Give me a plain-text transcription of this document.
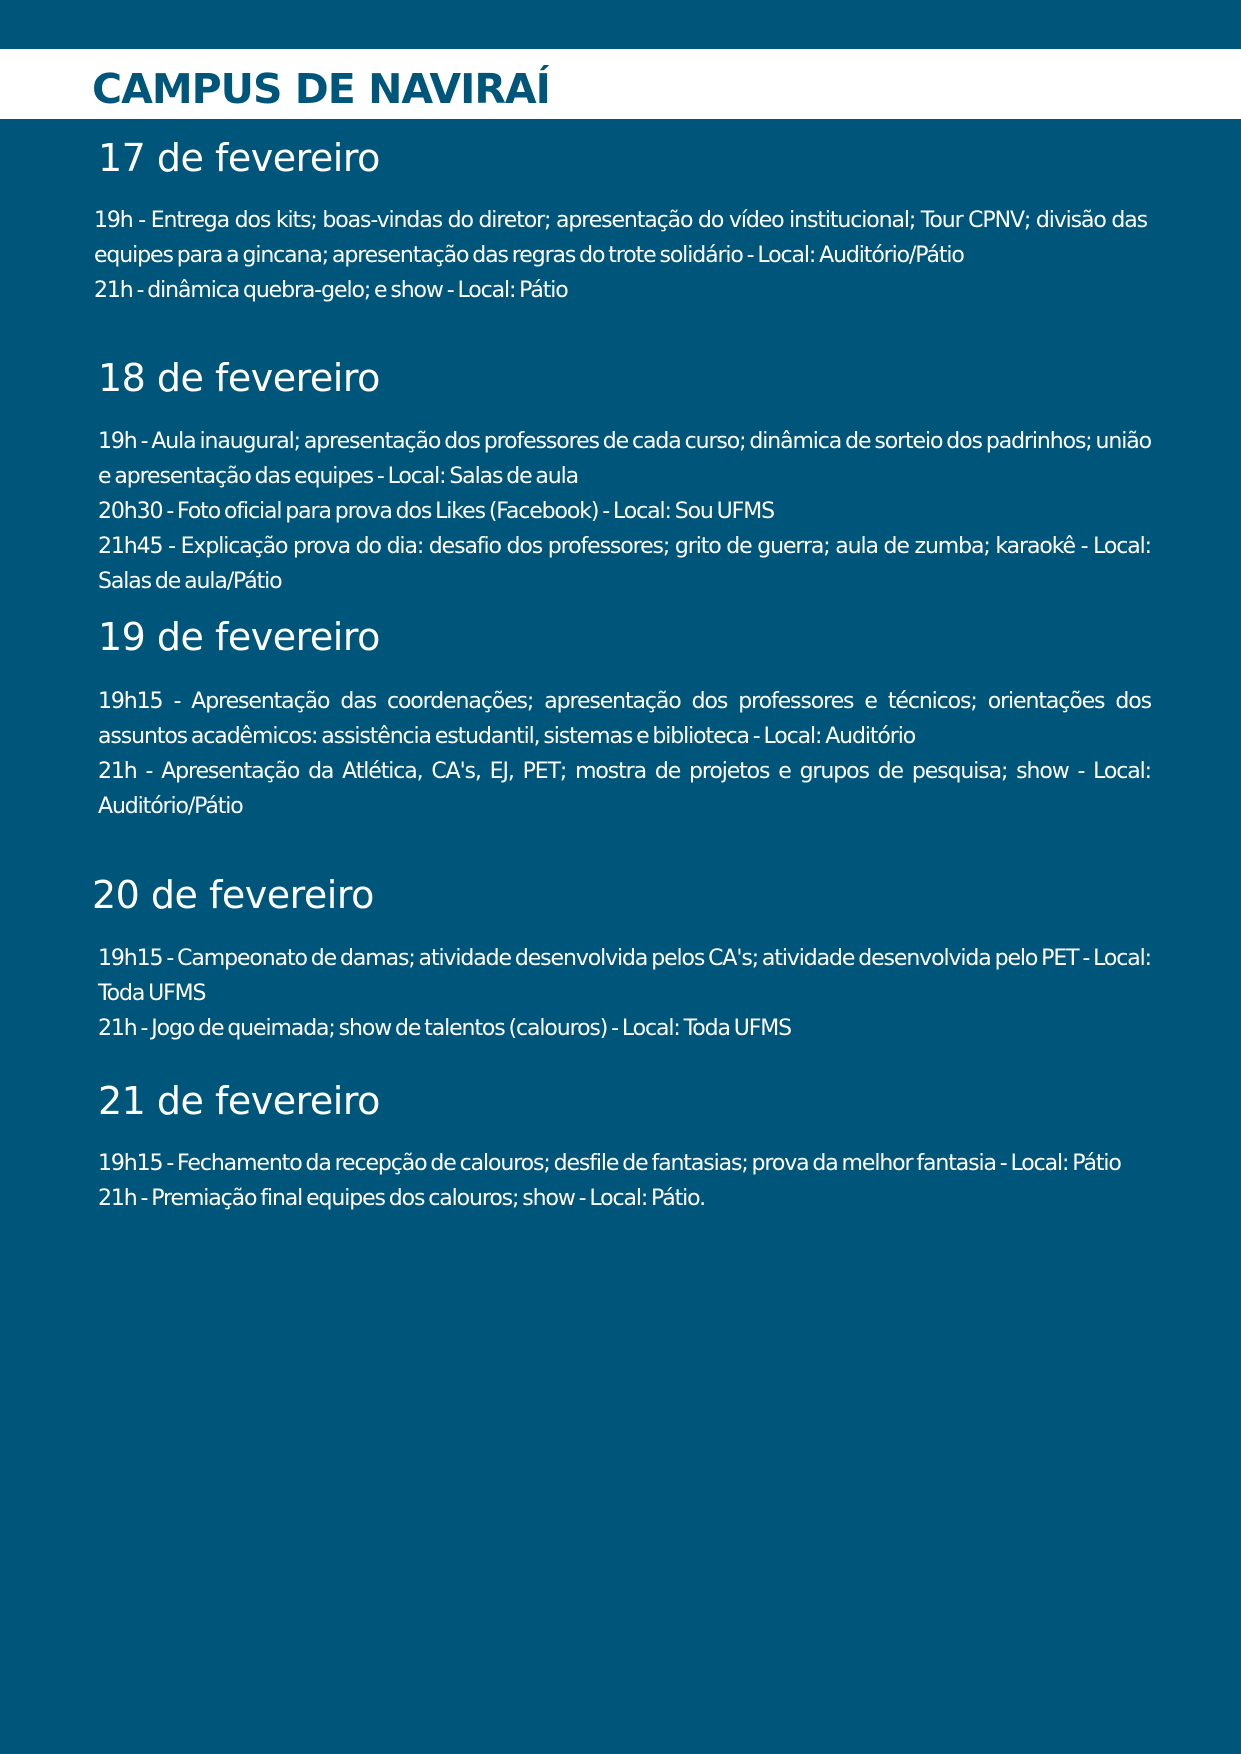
CAMPUS DE NAVIRAÍ
17 de fevereiro

19h - Entrega dos kits; boas-vindas do diretor; apresentação do vídeo institucional; Tour CPNV; divisão das equipes para a gincana; apresentação das regras do trote solidário - Local: Auditório/Pátio

21h - dinâmica quebra-gelo; e show - Local: Pátio

18 de fevereiro

19h - Aula inaugural; apresentação dos professores de cada curso; dinâmica de sorteio dos padrinhos; união e apresentação das equipes - Local: Salas de aula

20h30 - Foto oficial para prova dos Likes (Facebook) - Local: Sou UFMS

21h45 - Explicação prova do dia: desafio dos professores; grito de guerra; aula de zumba; karaokê - Local: Salas de aula/Pátio

19 de fevereiro

19h15 - Apresentação das coordenações; apresentação dos professores e técnicos; orientações dos assuntos acadêmicos: assistência estudantil, sistemas e biblioteca - Local: Auditório

21h - Apresentação da Atlética, CA's, EJ, PET; mostra de projetos e grupos de pesquisa; show - Local: Auditório/Pátio

20 de fevereiro

19h15 - Campeonato de damas; atividade desenvolvida pelos CA's; atividade desenvolvida pelo PET - Local: Toda UFMS

21h - Jogo de queimada; show de talentos (calouros) - Local: Toda UFMS

21 de fevereiro

19h15 - Fechamento da recepção de calouros; desfile de fantasias; prova da melhor fantasia - Local: Pátio

21h - Premiação final equipes dos calouros; show - Local: Pátio.
